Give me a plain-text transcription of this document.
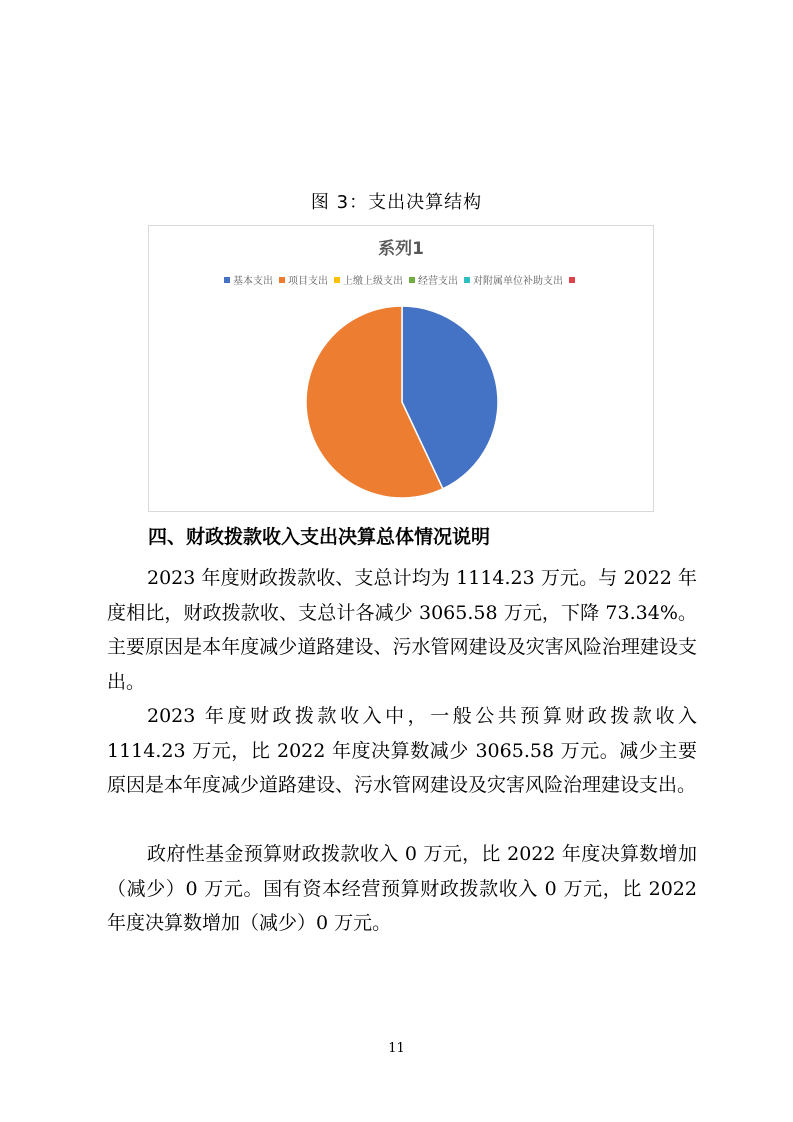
图 3：支出决算结构
系列1
基本支出 项目支出 上缴上级支出 经营支出 对附属单位补助支出
四、财政拨款收入支出决算总体情况说明
2023 年度财政拨款收、支总计均为 1114.23 万元。与 2022 年度相比，财政拨款收、支总计各减少 3065.58 万元，下降 73.34%。主要原因是本年度减少道路建设、污水管网建设及灾害风险治理建设支出。
2023 年度财政拨款收入中，一般公共预算财政拨款收入 1114.23 万元，比 2022 年度决算数减少 3065.58 万元。减少主要原因是本年度减少道路建设、污水管网建设及灾害风险治理建设支出。
政府性基金预算财政拨款收入 0 万元，比 2022 年度决算数增加（减少）0 万元。国有资本经营预算财政拨款收入 0 万元，比 2022 年度决算数增加（减少）0 万元。
11
